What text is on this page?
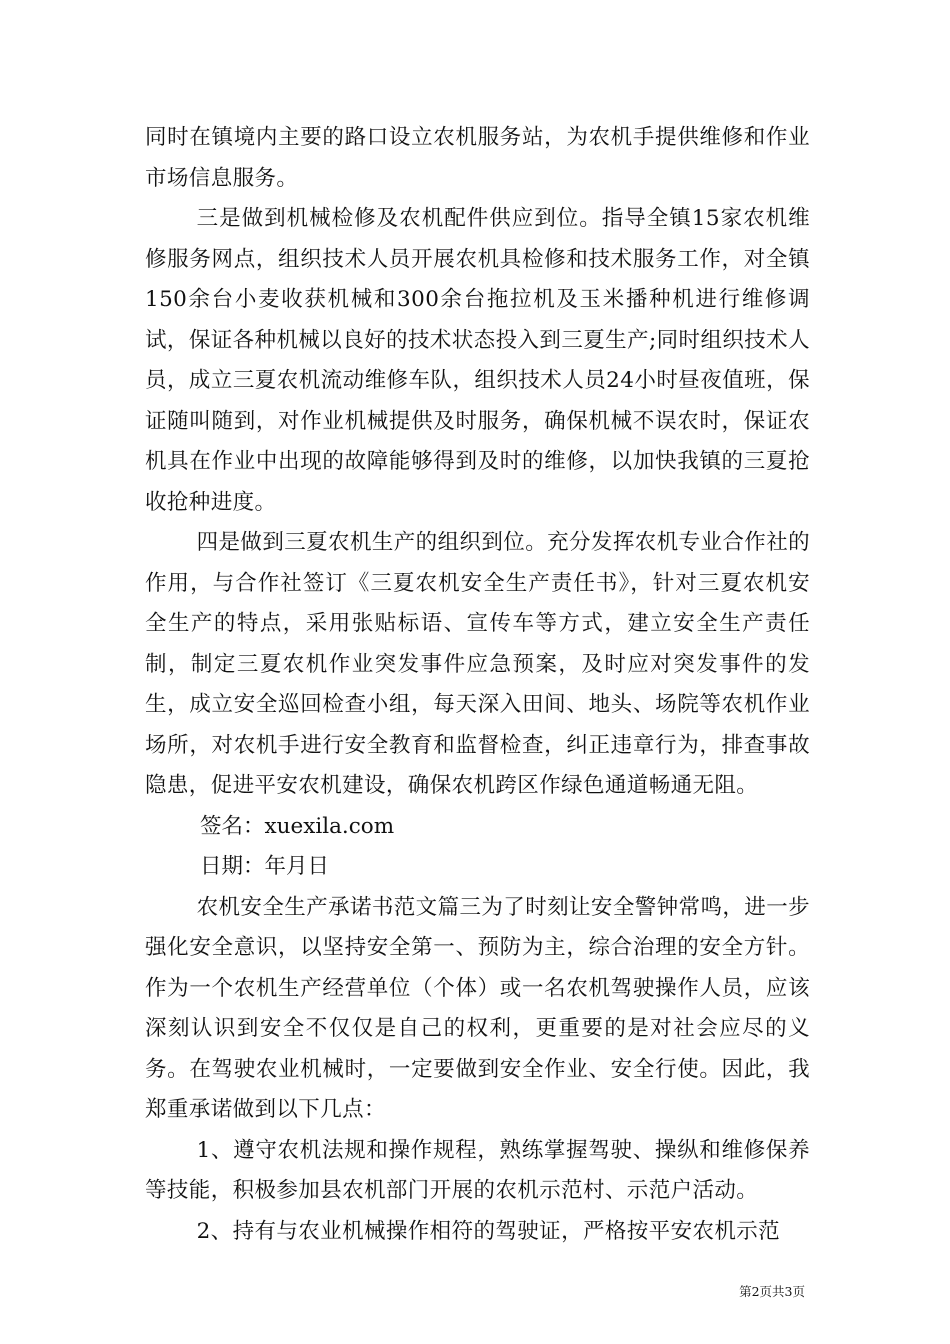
同时在镇境内主要的路口设立农机服务站，为农机手提供维修和作业市场信息服务。

三是做到机械检修及农机配件供应到位。指导全镇15家农机维修服务网点，组织技术人员开展农机具检修和技术服务工作，对全镇150余台小麦收获机械和300余台拖拉机及玉米播种机进行维修调试，保证各种机械以良好的技术状态投入到三夏生产;同时组织技术人员，成立三夏农机流动维修车队，组织技术人员24小时昼夜值班，保证随叫随到，对作业机械提供及时服务，确保机械不误农时，保证农机具在作业中出现的故障能够得到及时的维修，以加快我镇的三夏抢收抢种进度。

四是做到三夏农机生产的组织到位。充分发挥农机专业合作社的作用，与合作社签订《三夏农机安全生产责任书》，针对三夏农机安全生产的特点，采用张贴标语、宣传车等方式，建立安全生产责任制，制定三夏农机作业突发事件应急预案，及时应对突发事件的发生，成立安全巡回检查小组，每天深入田间、地头、场院等农机作业场所，对农机手进行安全教育和监督检查，纠正违章行为，排查事故隐患，促进平安农机建设，确保农机跨区作绿色通道畅通无阻。

签名：xuexila.com

日期：年月日

农机安全生产承诺书范文篇三为了时刻让安全警钟常鸣，进一步强化安全意识，以坚持安全第一、预防为主，综合治理的安全方针。作为一个农机生产经营单位（个体）或一名农机驾驶操作人员，应该深刻认识到安全不仅仅是自己的权利，更重要的是对社会应尽的义务。在驾驶农业机械时，一定要做到安全作业、安全行使。因此，我郑重承诺做到以下几点：

1、遵守农机法规和操作规程，熟练掌握驾驶、操纵和维修保养等技能，积极参加县农机部门开展的农机示范村、示范户活动。

2、持有与农业机械操作相符的驾驶证，严格按平安农机示范

第2页共3页
